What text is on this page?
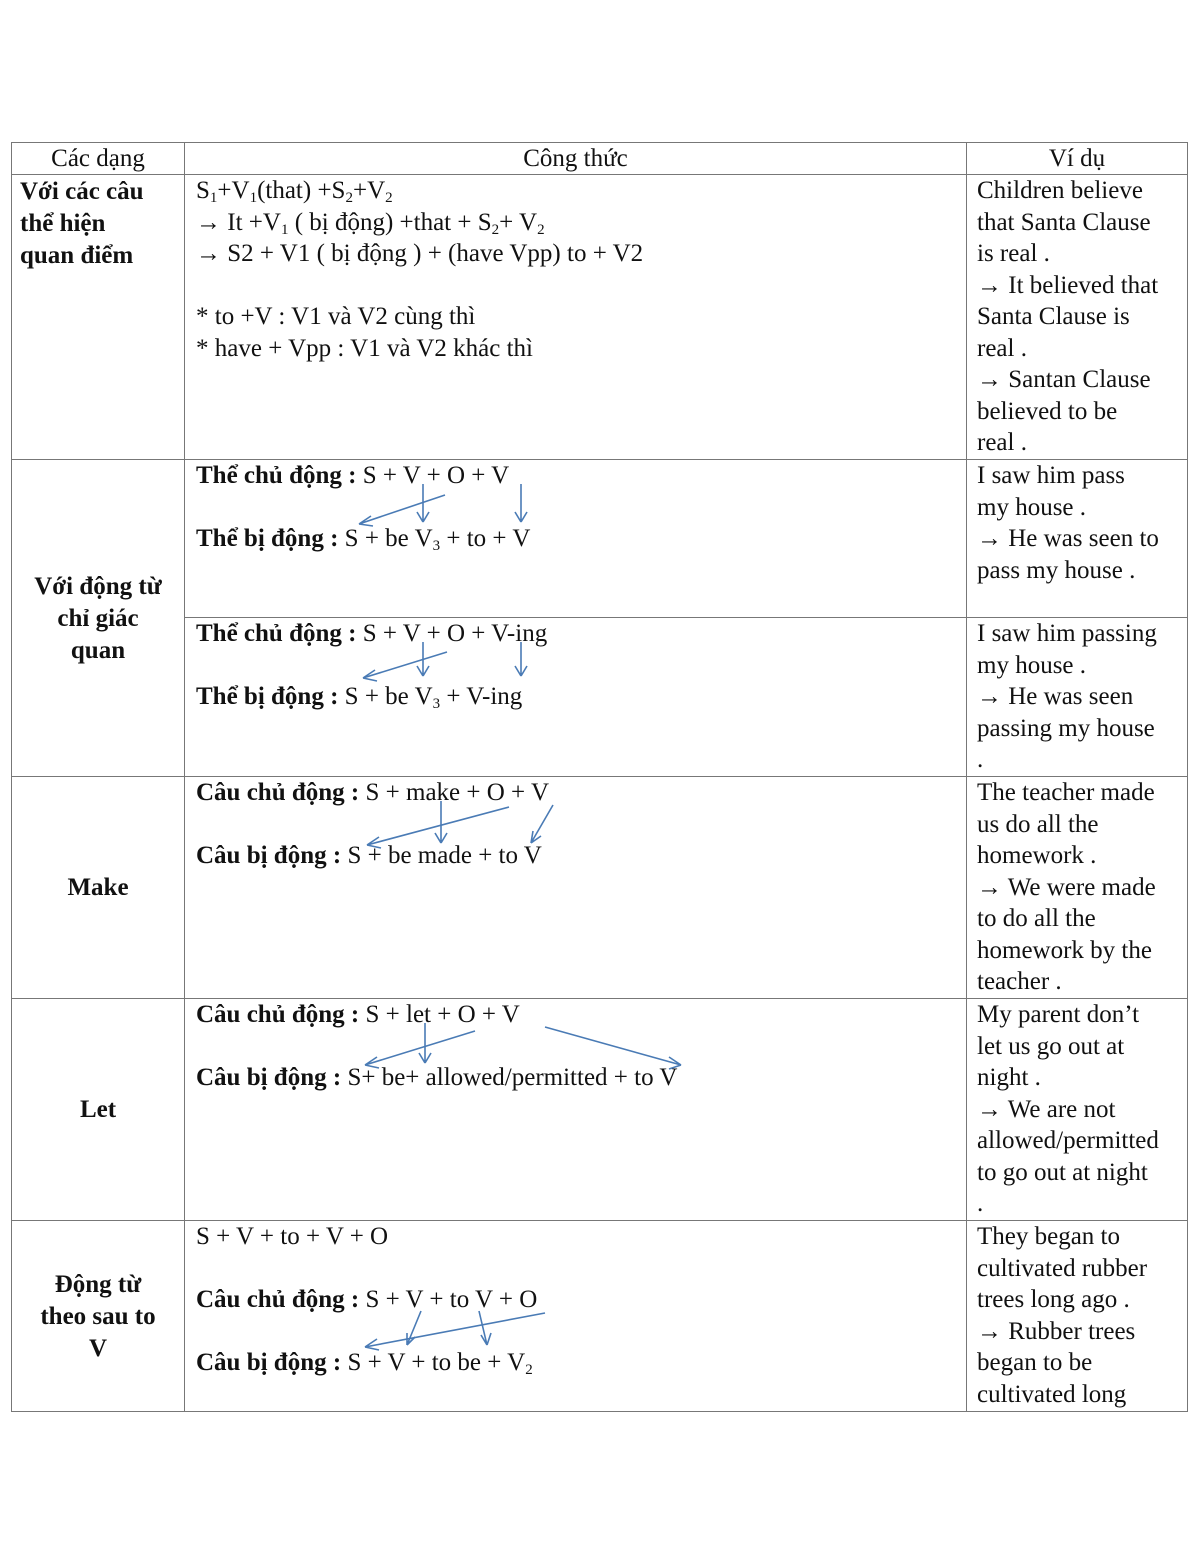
Các dạng	Công thức	Ví dụ
Với các câu
thể hiện
quan điểm
$S_1+V_1(that) +S_2+V_2$
→ $It +V_1$ ( bị động) +that + $S_2+ V_2$
→ S2 + V1 ( bị động ) + (have Vpp) to + V2

* to +V : V1 và V2 cùng thì
* have + Vpp : V1 và V2 khác thì
Children believe
that Santa Clause
is real .
→ It believed that
Santa Clause is
real .
→ Santan Clause
believed to be
real .
Với động từ
chỉ giác
quan
Thể chủ động : S + V + O + V

Thể bị động : S + be $V_3$ + to + V
I saw him pass
my house .
→ He was seen to
pass my house .
Thể chủ động : S + V + O + V-ing

Thể bị động : S + be $V_3 + V-ing$
I saw him passing
my house .
→ He was seen
passing my house
.
Make
Câu chủ động : S + make + O + V

Câu bị động : S + be made + to V
The teacher made
us do all the
homework .
→ We were made
to do all the
homework by the
teacher .
Let
Câu chủ động : S + let + O + V

Câu bị động : S+ be+ allowed/permitted + to V
My parent don’t
let us go out at
night .
→ We are not
allowed/permitted
to go out at night
.
Động từ
theo sau to
V
S + V + to + V + O

Câu chủ động : S + V + to V + O

Câu bị động : S + V + to be + $V_2$
They began to
cultivated rubber
trees long ago .
→ Rubber trees
began to be
cultivated long
